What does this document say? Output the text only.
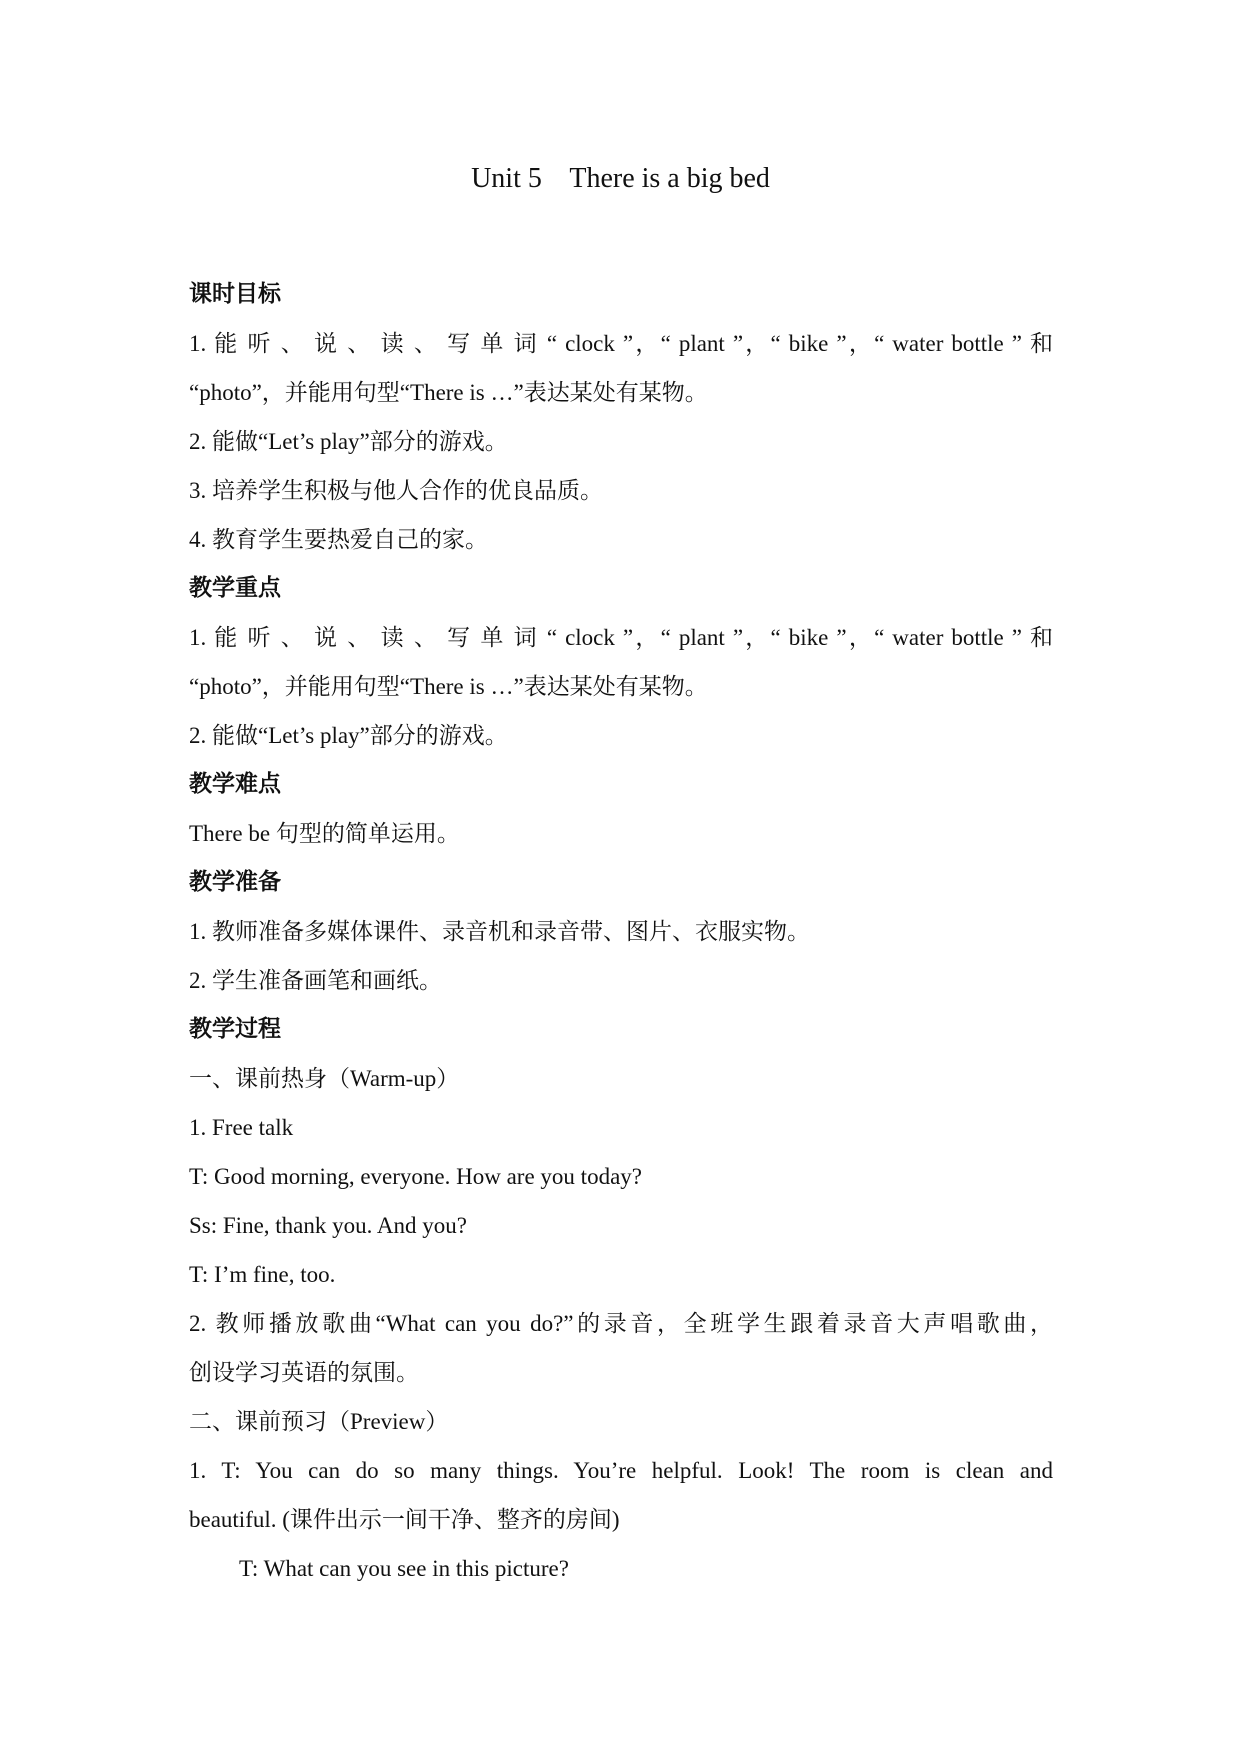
Unit 5    There is a big bed
课时目标
1. 能 听 、 说 、 读 、 写 单 词 “ clock ”，“ plant ”，“ bike ”，“ water bottle ” 和
“photo”，并能用句型“There is …”表达某处有某物。
2. 能做“Let’s play”部分的游戏。
3. 培养学生积极与他人合作的优良品质。
4. 教育学生要热爱自己的家。
教学重点
1. 能 听 、 说 、 读 、 写 单 词 “ clock ”，“ plant ”，“ bike ”，“ water bottle ” 和
“photo”，并能用句型“There is …”表达某处有某物。
2. 能做“Let’s play”部分的游戏。
教学难点
There be 句型的简单运用。
教学准备
1. 教师准备多媒体课件、录音机和录音带、图片、衣服实物。
2. 学生准备画笔和画纸。
教学过程
一、课前热身（Warm-up）
1. Free talk
T: Good morning, everyone. How are you today?
Ss: Fine, thank you. And you?
T: I’m fine, too.
2. 教师播放歌曲“What can you do?”的录音，全班学生跟着录音大声唱歌曲，
创设学习英语的氛围。
二、课前预习（Preview）
1. T: You can do so many things. You’re helpful. Look! The room is clean and
beautiful. (课件出示一间干净、整齐的房间)
T: What can you see in this picture?
